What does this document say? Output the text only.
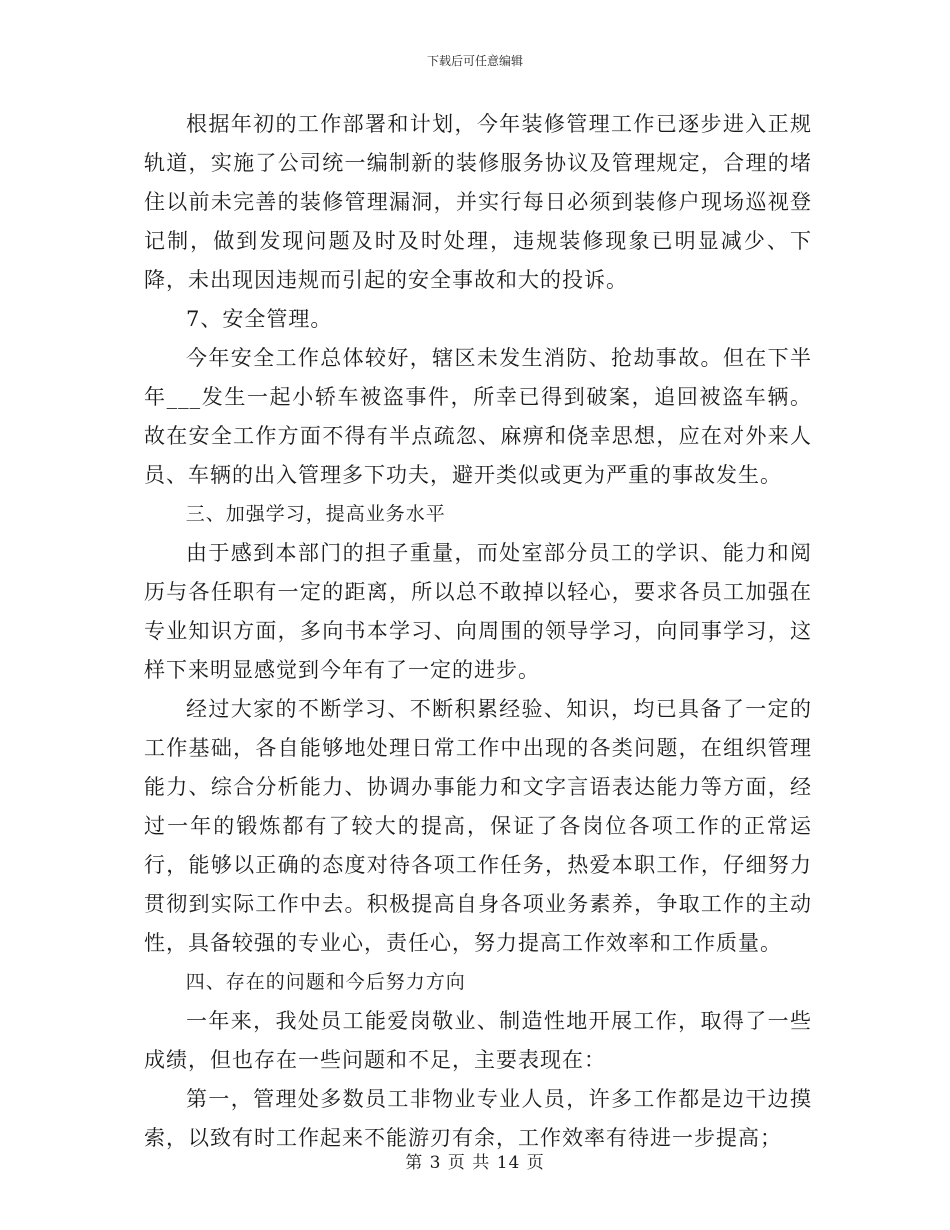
下载后可任意编辑

根据年初的工作部署和计划，今年装修管理工作已逐步进入正规轨道，实施了公司统一编制新的装修服务协议及管理规定，合理的堵住以前未完善的装修管理漏洞，并实行每日必须到装修户现场巡视登记制，做到发现问题及时及时处理，违规装修现象已明显减少、下降，未出现因违规而引起的安全事故和大的投诉。

7、安全管理。

今年安全工作总体较好，辖区未发生消防、抢劫事故。但在下半年___发生一起小轿车被盗事件，所幸已得到破案，追回被盗车辆。故在安全工作方面不得有半点疏忽、麻痹和侥幸思想，应在对外来人员、车辆的出入管理多下功夫，避开类似或更为严重的事故发生。

三、加强学习，提高业务水平

由于感到本部门的担子重量，而处室部分员工的学识、能力和阅历与各任职有一定的距离，所以总不敢掉以轻心，要求各员工加强在专业知识方面，多向书本学习、向周围的领导学习，向同事学习，这样下来明显感觉到今年有了一定的进步。

经过大家的不断学习、不断积累经验、知识，均已具备了一定的工作基础，各自能够地处理日常工作中出现的各类问题，在组织管理能力、综合分析能力、协调办事能力和文字言语表达能力等方面，经过一年的锻炼都有了较大的提高，保证了各岗位各项工作的正常运行，能够以正确的态度对待各项工作任务，热爱本职工作，仔细努力贯彻到实际工作中去。积极提高自身各项业务素养，争取工作的主动性，具备较强的专业心，责任心，努力提高工作效率和工作质量。

四、存在的问题和今后努力方向

一年来，我处员工能爱岗敬业、制造性地开展工作，取得了一些成绩，但也存在一些问题和不足，主要表现在：

第一，管理处多数员工非物业专业人员，许多工作都是边干边摸索，以致有时工作起来不能游刃有余，工作效率有待进一步提高；

第 3 页 共 14 页
